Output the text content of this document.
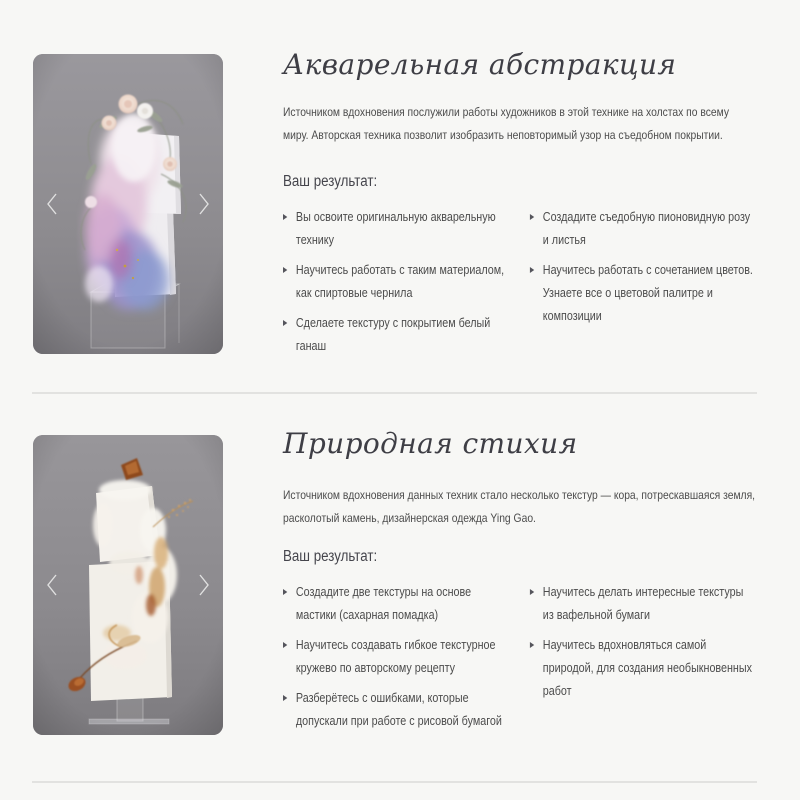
Акварельная абстракция

Источником вдохновения послужили работы художников в этой технике на холстах по всему миру. Авторская техника позволит изобразить неповторимый узор на съедобном покрытии.

Ваш результат:
Вы освоите оригинальную акварельную технику
Научитесь работать с таким материалом, как спиртовые чернила
Сделаете текстуру с покрытием белый ганаш
Создадите съедобную пионовидную розу и листья
Научитесь работать с сочетанием цветов. Узнаете все о цветовой палитре и композиции
Природная стихия

Источником вдохновения данных техник стало несколько текстур — кора, потрескавшаяся земля, расколотый камень, дизайнерская одежда Ying Gao.

Ваш результат:
Создадите две текстуры на основе мастики (сахарная помадка)
Научитесь создавать гибкое текстурное кружево по авторскому рецепту
Разберётесь с ошибками, которые допускали при работе с рисовой бумагой
Научитесь делать интересные текстуры из вафельной бумаги
Научитесь вдохновляться самой природой, для создания необыкновенных работ
